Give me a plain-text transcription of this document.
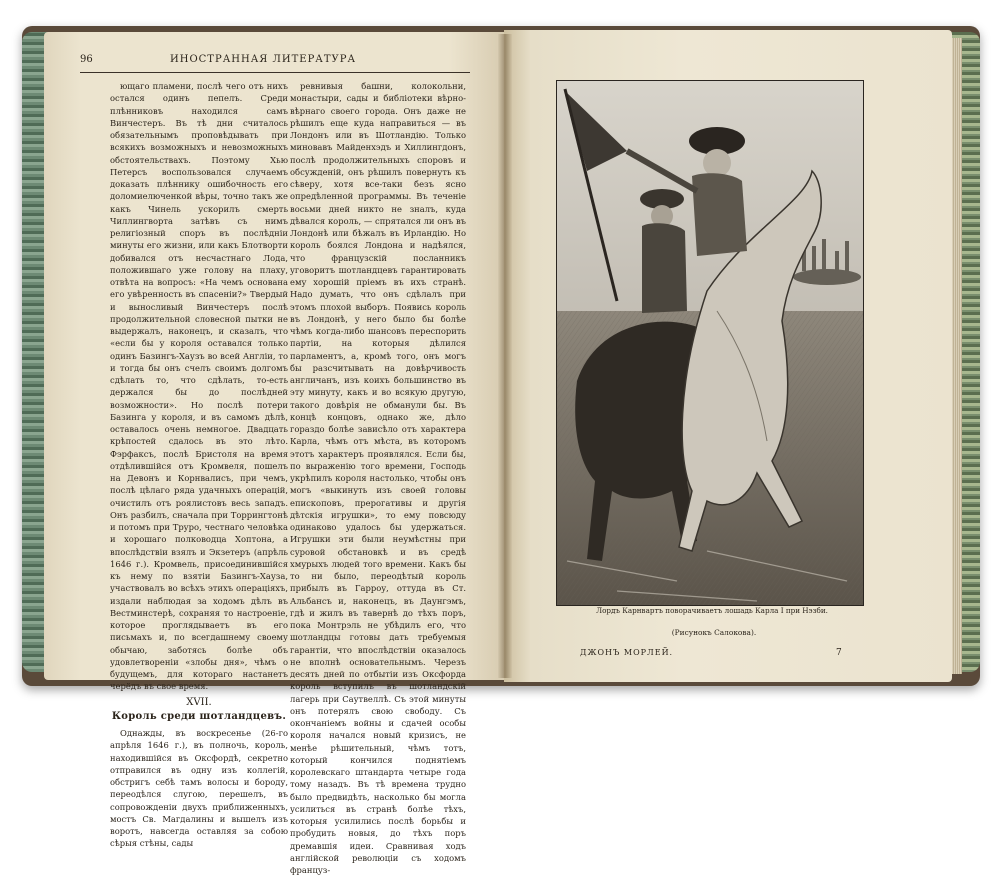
96	ИНОСТРАННАЯ ЛИТЕРАТУРА

ющаго пламени, послѣ чего отъ нихъ остался одинъ пепелъ. Среди плѣнниковъ находился самъ Винчестеръ. Въ тѣ дни считалось обязательнымъ проповѣдывать при всякихъ возможныхъ и невозможныхъ обстоятельствахъ. Поэтому Хью Петерсъ воспользовался случаемъ доказать плѣннику ошибочность его доломиелюченкой вѣры, точно такъ же какъ Чинель ускорилъ смерть Чиллингворта затѣвъ съ нимъ религіозный споръ въ послѣдніи минуты его жизни, или какъ Блотворти добивался отъ несчастнаго Лода, положившаго уже голову на плаху, отвѣта на вопросъ: «На чемъ основана его увѣренность въ спасеніи?» Твердый и выносливый Винчестеръ послѣ продолжительной словесной пытки не выдержалъ, наконецъ, и сказалъ, что «если бы у короля оставался только одинъ Базингъ-Хаузъ во всей Англіи, то и тогда бы онъ счелъ своимъ долгомъ сдѣлать то, что сдѣлать, то-есть держался бы до послѣдней возможности». Но послѣ потери Базинга у короля, и въ самомъ дѣлѣ, оставалось очень немногое. Двадцать крѣпостей сдалось въ это лѣто. Фэрфаксъ, послѣ Бристоля на время отдѣлившійся отъ Кромвеля, пошелъ на Девонъ и Корнвалисъ, при чемъ, послѣ цѣлаго ряда удачныхъ операцій, очистилъ отъ роялистовъ весь западъ. Онъ разбилъ, сначала при Торрингтонѣ и потомъ при Труро, честнаго человѣка и хорошаго полководца Хоптона, а впослѣдствіи взялъ и Экзетеръ (апрѣль 1646 г.). Кромвель, присоединившійся къ нему по взятіи Базингъ-Хауза, участвовалъ во всѣхъ этихъ операціяхъ, издали наблюдая за ходомъ дѣлъ въ Вестминстерѣ, сохраняя то настроеніе, которое проглядываетъ въ его письмахъ и, по всегдашнему своему обычаю, заботясь болѣе объ удовлетвореніи «злобы дня», чѣмъ о будущемъ, для котораго настанетъ черёдъ въ свое время.

XVII.
Король среди шотландцевъ.

Однажды, въ воскресенье (26-го апрѣля 1646 г.), въ полночь, король, находившійся въ Оксфордѣ, секретно отправился въ одну изъ коллегій, обстригъ себѣ тамъ волосы и бороду, переодѣлся слугою, перешелъ, въ сопровожденіи двухъ приближенныхъ, мостъ Св. Магдалины и вышелъ изъ воротъ, навсегда оставляя за собою сѣрыя стѣны, сады

ревнивыя башни, колокольни, монастыри, сады и библіотеки вѣрно-вѣрнаго своего города. Онъ даже не рѣшилъ еще куда направиться — въ Лондонъ или въ Шотландію. Только миновавъ Майденхэдъ и Хиллингдонъ, послѣ продолжительныхъ споровъ и обсужденій, онъ рѣшилъ повернуть къ сѣверу, хотя все-таки безъ ясно опредѣленной программы. Въ теченіе восьми дней никто не зналъ, куда дѣвался король, — спрятался ли онъ въ Лондонѣ или бѣжалъ въ Ирландію. Но король боялся Лондона и надѣялся, что французскій посланникъ уговоритъ шотландцевъ гарантировать ему хорошій пріемъ въ ихъ странѣ. Надо думать, что онъ сдѣлалъ при этомъ плохой выборъ. Появись король въ Лондонѣ, у него было бы болѣе чѣмъ когда-либо шансовъ переспорить партіи, на которыя дѣлился парламентъ, а, кромѣ того, онъ могъ бы разсчитывать на довѣрчивость англичанъ, изъ коихъ большинство въ эту минуту, какъ и во всякую другую, такого довѣрія не обманули бы. Въ концѣ концовъ, однако же, дѣло гораздо болѣе зависѣло отъ характера Карла, чѣмъ отъ мѣста, въ которомъ этотъ характеръ проявлялся. Если бы, по выраженію того времени, Господь укрѣпилъ короля настолько, чтобы онъ могъ «выкинуть изъ своей головы епископовъ, прерогативы и другія дѣтскія игрушки», то ему повсюду одинаково удалось бы удержаться. Игрушки эти были неумѣстны при суровой обстановкѣ и въ средѣ хмурыхъ людей того времени. Какъ бы то ни было, переодѣтый король прибылъ въ Гарроу, оттуда въ Ст. Альбансъ и, наконецъ, въ Даунгэмъ, гдѣ и жилъ въ тавернѣ до тѣхъ поръ, пока Монтрэль не убѣдилъ его, что шотландцы готовы дать требуемыя гарантіи, что впослѣдствіи оказалось не вполнѣ основательнымъ. Черезъ десять дней по отбытіи изъ Оксфорда король вступилъ въ шотландскій лагерь при Саутвеллѣ. Съ этой минуты онъ потерялъ свою свободу. Съ окончаніемъ войны и сдачей особы короля начался новый кризисъ, не менѣе рѣшительный, чѣмъ тотъ, который кончился поднятіемъ королевскаго штандарта четыре года тому назадъ. Въ тѣ времена трудно было предвидѣть, насколько бы могла усилиться въ странѣ болѣе тѣхъ, которыя усилились послѣ борьбы и пробудить новыя, до тѣхъ поръ дремавшія идеи. Сравнивая ходъ англійской революціи съ ходомъ француз-

Лордъ Карнвартъ поворачиваетъ лошадь Карла I при Нэзби.
(Рисунокъ Салокова).
ДЖОНЪ МОРЛЕЙ.	7
